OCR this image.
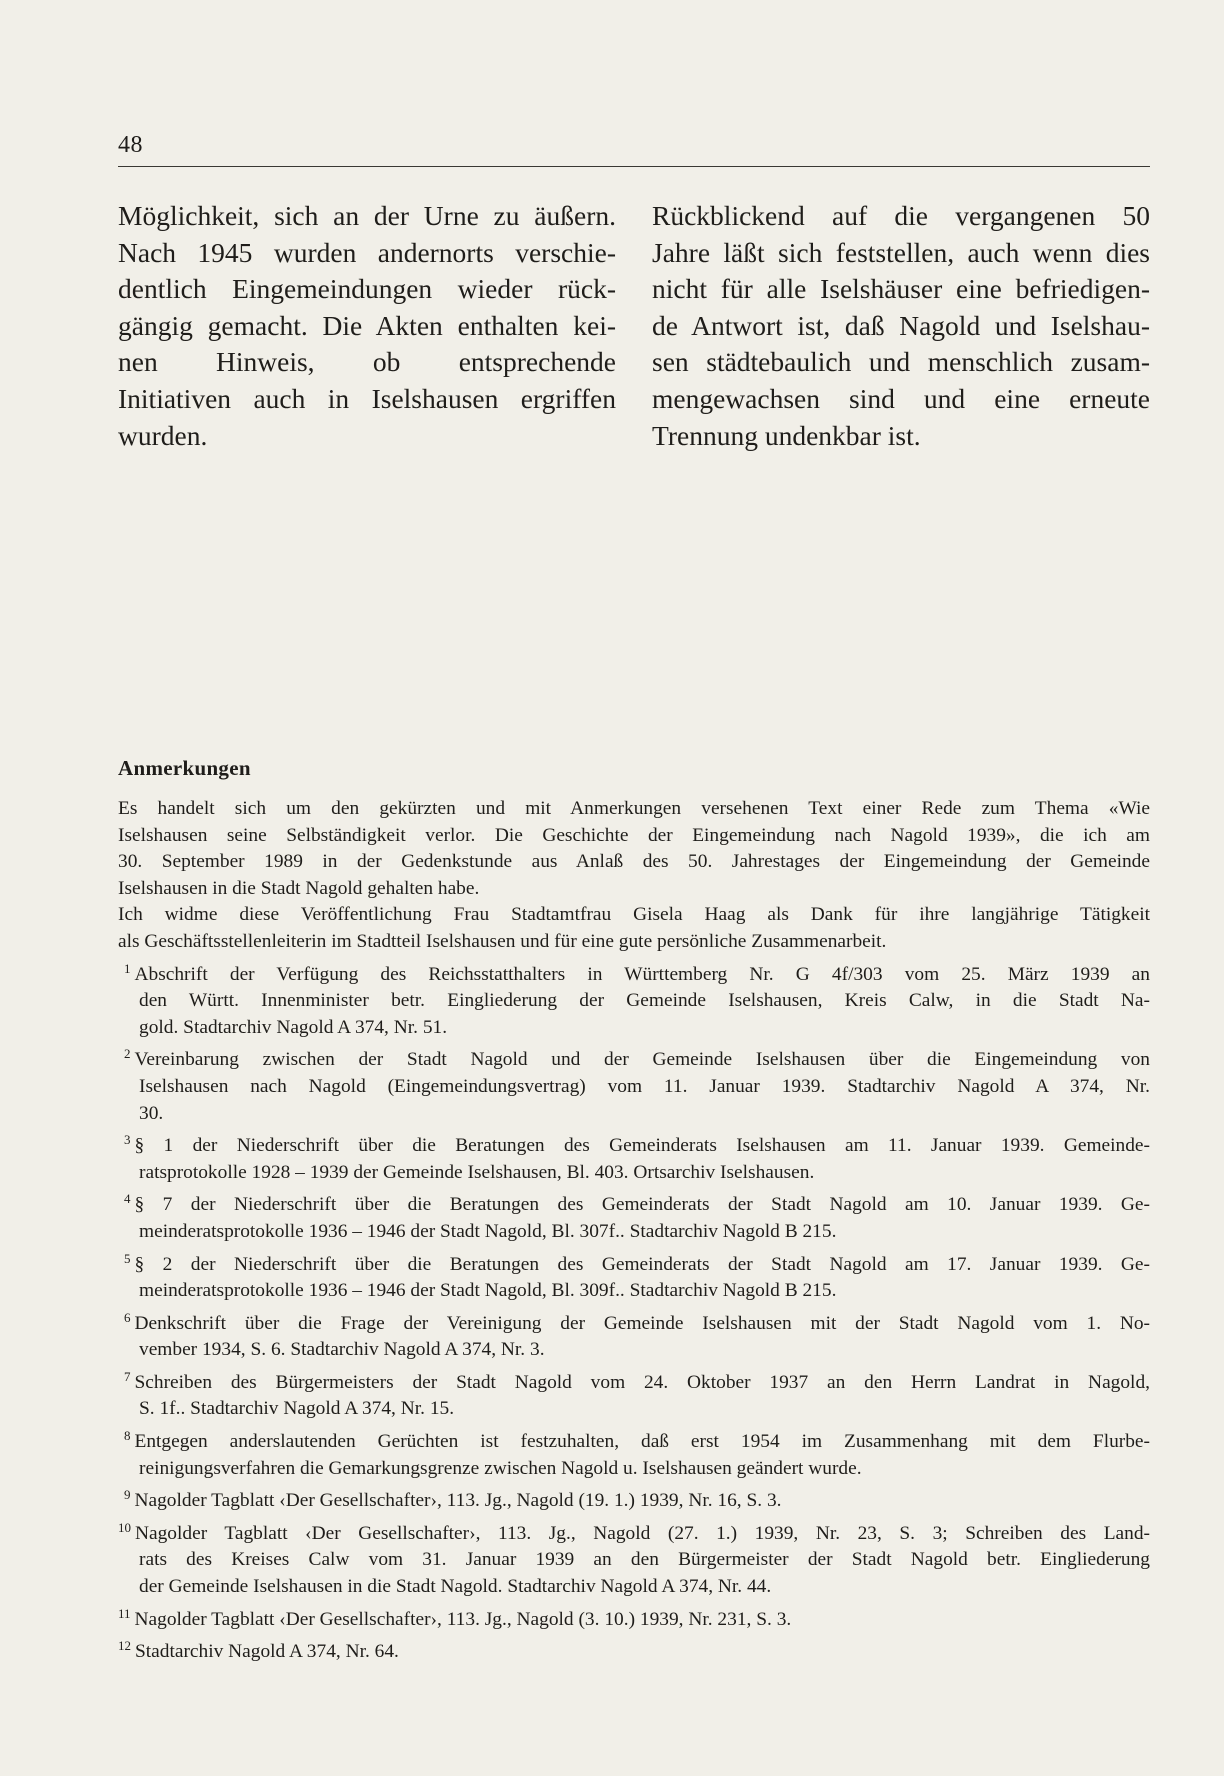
48
Möglichkeit, sich an der Urne zu äußern.
Nach 1945 wurden andernorts verschie-
dentlich Eingemeindungen wieder rück-
gängig gemacht. Die Akten enthalten kei-
nen Hinweis, ob entsprechende
Initiativen auch in Iselshausen ergriffen
wurden.
Rückblickend auf die vergangenen 50
Jahre läßt sich feststellen, auch wenn dies
nicht für alle Iselshäuser eine befriedigen-
de Antwort ist, daß Nagold und Iselshau-
sen städtebaulich und menschlich zusam-
mengewachsen sind und eine erneute
Trennung undenkbar ist.
Anmerkungen

Es handelt sich um den gekürzten und mit Anmerkungen versehenen Text einer Rede zum Thema «Wie
Iselshausen seine Selbständigkeit verlor. Die Geschichte der Eingemeindung nach Nagold 1939», die ich am
30. September 1989 in der Gedenkstunde aus Anlaß des 50. Jahrestages der Eingemeindung der Gemeinde
Iselshausen in die Stadt Nagold gehalten habe.

Ich widme diese Veröffentlichung Frau Stadtamtfrau Gisela Haag als Dank für ihre langjährige Tätigkeit
als Geschäftsstellenleiterin im Stadtteil Iselshausen und für eine gute persönliche Zusammenarbeit.

$^1$ Abschrift der Verfügung des Reichsstatthalters in Württemberg Nr. G 4f/303 vom 25. März 1939 an
den Württ. Innenminister betr. Eingliederung der Gemeinde Iselshausen, Kreis Calw, in die Stadt Na-
gold. Stadtarchiv Nagold A 374, Nr. 51.
$^2$ Vereinbarung zwischen der Stadt Nagold und der Gemeinde Iselshausen über die Eingemeindung von
Iselshausen nach Nagold (Eingemeindungsvertrag) vom 11. Januar 1939. Stadtarchiv Nagold A 374, Nr.
30.
$^3$ § 1 der Niederschrift über die Beratungen des Gemeinderats Iselshausen am 11. Januar 1939. Gemeinde-
ratsprotokolle 1928 – 1939 der Gemeinde Iselshausen, Bl. 403. Ortsarchiv Iselshausen.
$^4$ § 7 der Niederschrift über die Beratungen des Gemeinderats der Stadt Nagold am 10. Januar 1939. Ge-
meinderatsprotokolle 1936 – 1946 der Stadt Nagold, Bl. 307f.. Stadtarchiv Nagold B 215.
$^5$ § 2 der Niederschrift über die Beratungen des Gemeinderats der Stadt Nagold am 17. Januar 1939. Ge-
meinderatsprotokolle 1936 – 1946 der Stadt Nagold, Bl. 309f.. Stadtarchiv Nagold B 215.
$^6$ Denkschrift über die Frage der Vereinigung der Gemeinde Iselshausen mit der Stadt Nagold vom 1. No-
vember 1934, S. 6. Stadtarchiv Nagold A 374, Nr. 3.
$^7$ Schreiben des Bürgermeisters der Stadt Nagold vom 24. Oktober 1937 an den Herrn Landrat in Nagold,
S. 1f.. Stadtarchiv Nagold A 374, Nr. 15.
$^8$ Entgegen anderslautenden Gerüchten ist festzuhalten, daß erst 1954 im Zusammenhang mit dem Flurbe-
reinigungsverfahren die Gemarkungsgrenze zwischen Nagold u. Iselshausen geändert wurde.
$^9$ Nagolder Tagblatt ‹Der Gesellschafter›, 113. Jg., Nagold (19. 1.) 1939, Nr. 16, S. 3.
$^{10}$ Nagolder Tagblatt ‹Der Gesellschafter›, 113. Jg., Nagold (27. 1.) 1939, Nr. 23, S. 3; Schreiben des Land-
rats des Kreises Calw vom 31. Januar 1939 an den Bürgermeister der Stadt Nagold betr. Eingliederung
der Gemeinde Iselshausen in die Stadt Nagold. Stadtarchiv Nagold A 374, Nr. 44.
$^{11}$ Nagolder Tagblatt ‹Der Gesellschafter›, 113. Jg., Nagold (3. 10.) 1939, Nr. 231, S. 3.
$^{12}$ Stadtarchiv Nagold A 374, Nr. 64.
